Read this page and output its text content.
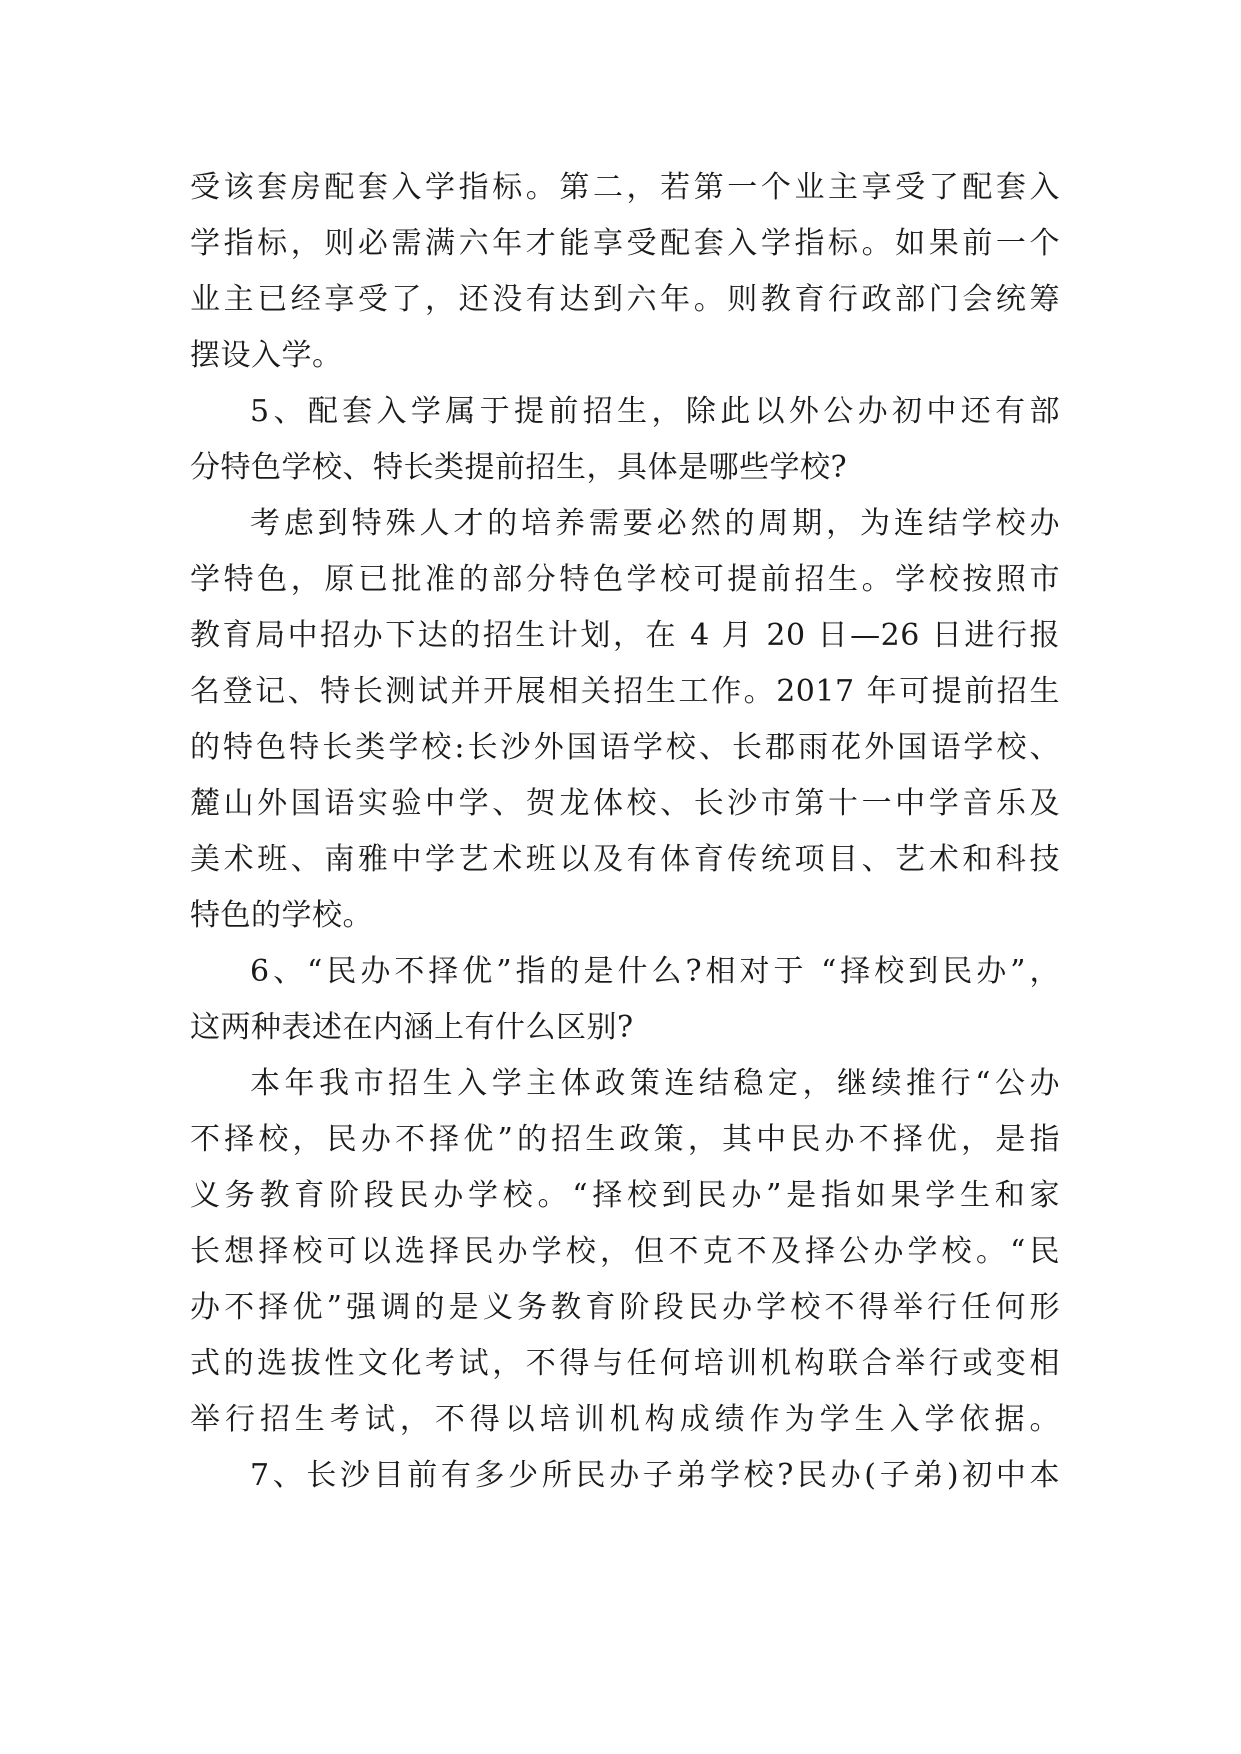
受该套房配套入学指标。第二，若第一个业主享受了配套入
学指标，则必需满六年才能享受配套入学指标。如果前一个
业主已经享受了，还没有达到六年。则教育行政部门会统筹
摆设入学。
5、配套入学属于提前招生，除此以外公办初中还有部
分特色学校、特长类提前招生，具体是哪些学校?
考虑到特殊人才的培养需要必然的周期，为连结学校办
学特色，原已批准的部分特色学校可提前招生。学校按照市
教育局中招办下达的招生计划，在 4 月 20 日—26 日进行报
名登记、特长测试并开展相关招生工作。2017 年可提前招生
的特色特长类学校:长沙外国语学校、长郡雨花外国语学校、
麓山外国语实验中学、贺龙体校、长沙市第十一中学音乐及
美术班、南雅中学艺术班以及有体育传统项目、艺术和科技
特色的学校。
6、“民办不择优”指的是什么?相对于 “择校到民办”，
这两种表述在内涵上有什么区别?
本年我市招生入学主体政策连结稳定，继续推行“公办
不择校，民办不择优”的招生政策，其中民办不择优，是指
义务教育阶段民办学校。“择校到民办”是指如果学生和家
长想择校可以选择民办学校，但不克不及择公办学校。“民
办不择优”强调的是义务教育阶段民办学校不得举行任何形
式的选拔性文化考试，不得与任何培训机构联合举行或变相
举行招生考试，不得以培训机构成绩作为学生入学依据。
7、长沙目前有多少所民办子弟学校?民办(子弟)初中本
